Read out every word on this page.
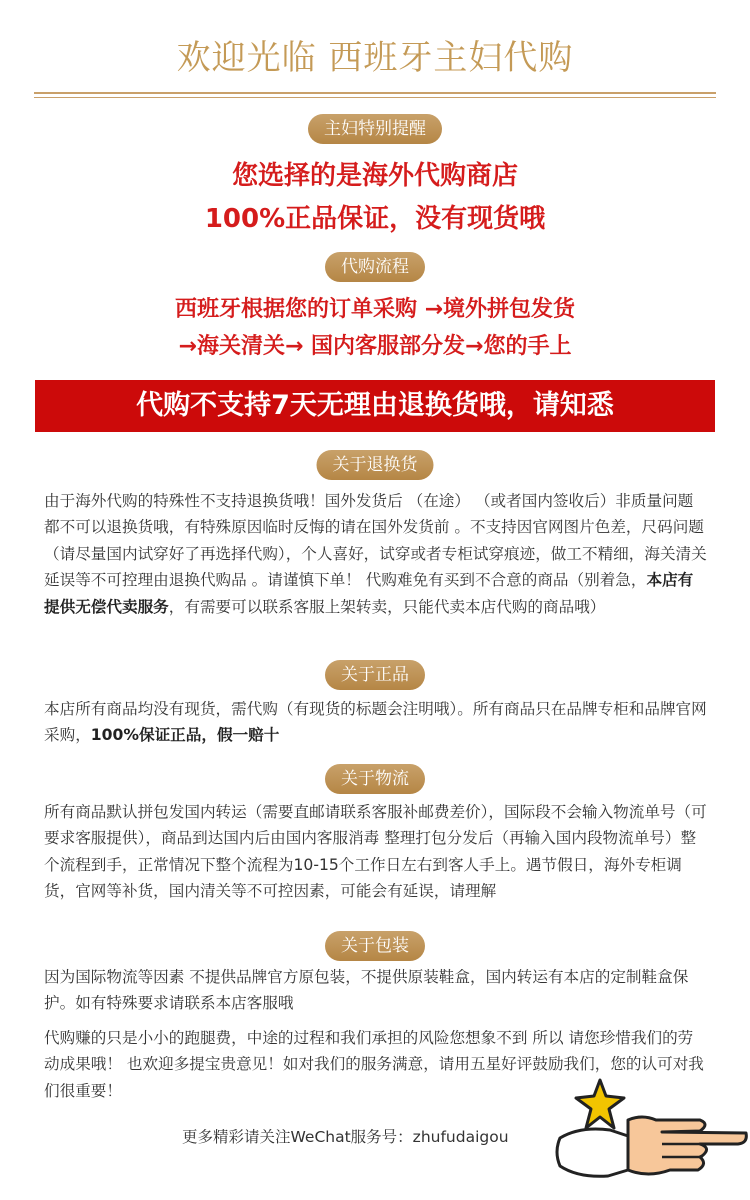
欢迎光临 西班牙主妇代购
主妇特别提醒
您选择的是海外代购商店
100%正品保证，没有现货哦
代购流程
西班牙根据您的订单采购 →境外拼包发货
→海关清关→ 国内客服部分发→您的手上
代购不支持7天无理由退换货哦，请知悉
关于退换货
由于海外代购的特殊性不支持退换货哦！国外发货后 （在途） （或者国内签收后）非质量问题都不可以退换货哦，有特殊原因临时反悔的请在国外发货前 。不支持因官网图片色差，尺码问题（请尽量国内试穿好了再选择代购），个人喜好，试穿或者专柜试穿痕迹，做工不精细，海关清关延误等不可控理由退换代购品 。请谨慎下单！ 代购难免有买到不合意的商品（别着急，本店有提供无偿代卖服务，有需要可以联系客服上架转卖，只能代卖本店代购的商品哦）
关于正品
本店所有商品均没有现货，需代购（有现货的标题会注明哦）。所有商品只在品牌专柜和品牌官网采购，100%保证正品，假一赔十
关于物流
所有商品默认拼包发国内转运（需要直邮请联系客服补邮费差价），国际段不会输入物流单号（可要求客服提供），商品到达国内后由国内客服消毒 整理打包分发后（再输入国内段物流单号）整个流程到手，正常情况下整个流程为10-15个工作日左右到客人手上。遇节假日，海外专柜调货，官网等补货，国内清关等不可控因素，可能会有延误，请理解
关于包装
因为国际物流等因素 不提供品牌官方原包装，不提供原装鞋盒，国内转运有本店的定制鞋盒保护。如有特殊要求请联系本店客服哦
代购赚的只是小小的跑腿费，中途的过程和我们承担的风险您想象不到 所以 请您珍惜我们的劳动成果哦！ 也欢迎多提宝贵意见！如对我们的服务满意，请用五星好评鼓励我们，您的认可对我们很重要！
更多精彩请关注WeChat服务号：zhufudaigou
